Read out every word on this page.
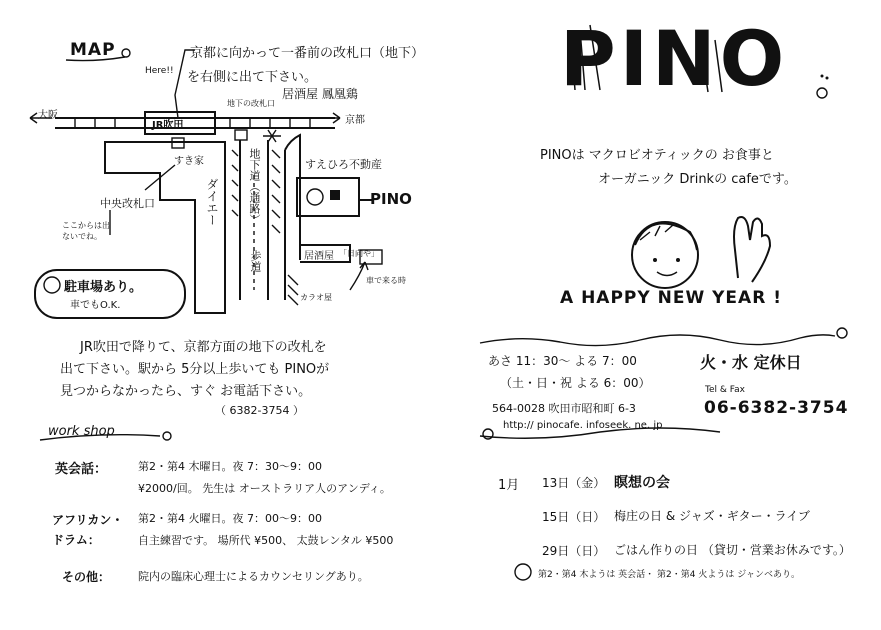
MAP	京都に向かって一番前の改札口（地下）
Here!! を右側に出て下さい。
居酒屋 鳳凰鶏
地下の改札口
大阪	京都
JR吹田
すき家
ダイエー	地下道（通路）
歩道
すえひろ不動産
PINO
中央改札口
ここからは出ないでね。
駐車場あり。
車でもO.K.
居酒屋 「日向や」
車で来る時
カラオ屋
JR吹田で降りて、京都方面の地下の改札を
出て下さい。駅から 5分以上歩いても PINOが
見つからなかったら、すぐ お電話下さい。
（ 6382-3754 ）
work shop
英会話：	第2・第4 木曜日。夜 7：30～9：00
¥2000/回。 先生は オーストラリア人のアンディ。
アフリカン・ドラム：
第2・第4 火曜日。夜 7：00～9：00
自主練習です。 場所代 ¥500、 太鼓レンタル ¥500
その他：	院内の臨床心理士によるカウンセリングあり。
PINO
PINOは マクロビオティックの お食事と
オーガニック Drinkの cafeです。
A HAPPY NEW YEAR !
あさ 11：30～ よる 7：00
（土・日・祝 よる 6：00）
火・水 定休日
Tel & Fax
06-6382-3754
564-0028 吹田市昭和町 6-3
http:// pinocafe. infoseek. ne. jp
1月 13日（金） 瞑想の会
15日（日） 梅庄の日 & ジャズ・ギター・ライブ
29日（日） ごはん作りの日 （貸切・営業お休みです。）
第2・第4 木ようは 英会話・ 第2・第4 火ようは ジャンベあり。
